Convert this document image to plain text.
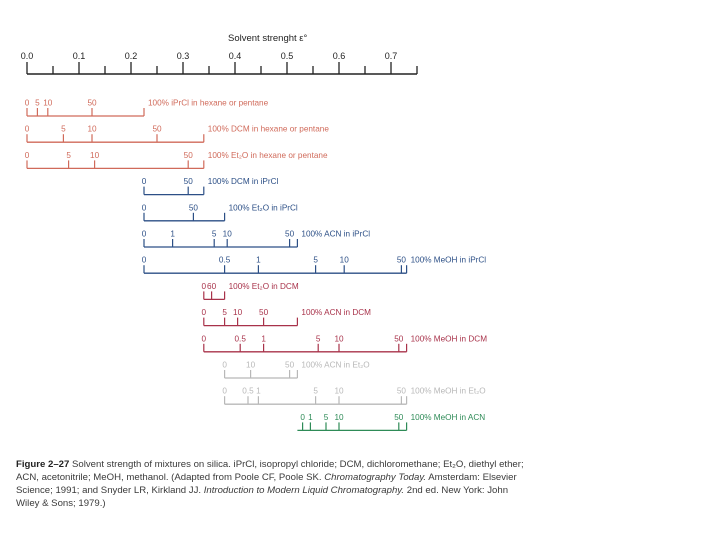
Solvent strenght ε°
0.0	0.1	0.2	0.3	0.4	0.5	0.6	0.7
0 5 10	50	100% iPrCl in hexane or pentane
0	5	10	50	100% DCM in hexane or pentane
0	5 10	50 100% Et₂O in hexane or pentane
0	50 100% DCM in iPrCl
0	50	100% Et₂O in iPrCl
0	1	5 10	50 100% ACN in iPrCl
0	0.5	1	5	10	50 100% MeOH in iPrCl
0 60 100% Et₂O in DCM
0 5 10 50	100% ACN in DCM
0	0.5 1	5 10	50 100% MeOH in DCM
0 10	50 100% ACN in Et₂O
0 0.5 1	5 10	50 100% MeOH in Et₂O
0 1 5 10	50 100% MeOH in ACN

Figure 2–27 Solvent strength of mixtures on silica. iPrCl, isopropyl chloride; DCM, dichloromethane; Et₂O, diethyl ether; ACN, acetonitrile; MeOH, methanol. (Adapted from Poole CF, Poole SK. Chromatography Today. Amsterdam: Elsevier Science; 1991; and Snyder LR, Kirkland JJ. Introduction to Modern Liquid Chromatography. 2nd ed. New York: John Wiley & Sons; 1979.)
